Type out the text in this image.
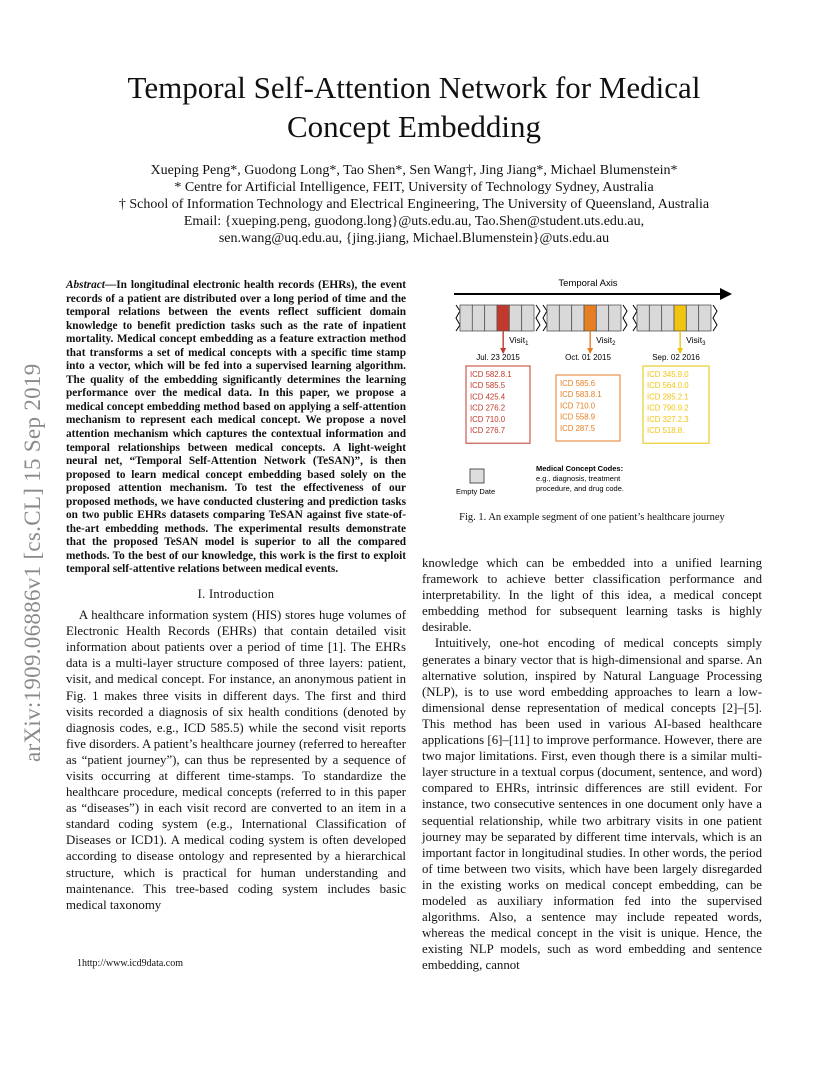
Temporal Self-Attention Network for Medical
Concept Embedding
Xueping Peng*, Guodong Long*, Tao Shen*, Sen Wang†, Jing Jiang*, Michael Blumenstein*
* Centre for Artificial Intelligence, FEIT, University of Technology Sydney, Australia
† School of Information Technology and Electrical Engineering, The University of Queensland, Australia
Email: {xueping.peng, guodong.long}@uts.edu.au, Tao.Shen@student.uts.edu.au,
sen.wang@uq.edu.au, {jing.jiang, Michael.Blumenstein}@uts.edu.au
arXiv:1909.06886v1 [cs.CL] 15 Sep 2019

Abstract—In longitudinal electronic health records (EHRs), the event records of a patient are distributed over a long period of time and the temporal relations between the events reflect sufficient domain knowledge to benefit prediction tasks such as the rate of inpatient mortality. Medical concept embedding as a feature extraction method that transforms a set of medical concepts with a specific time stamp into a vector, which will be fed into a supervised learning algorithm. The quality of the embedding significantly determines the learning performance over the medical data. In this paper, we propose a medical concept embedding method based on applying a self-attention mechanism to represent each medical concept. We propose a novel attention mechanism which captures the contextual information and temporal relationships between medical concepts. A light-weight neural net, “Temporal Self-Attention Network (TeSAN)”, is then proposed to learn medical concept embedding based solely on the proposed attention mechanism. To test the effectiveness of our proposed methods, we have conducted clustering and prediction tasks on two public EHRs datasets comparing TeSAN against five state-of-the-art embedding methods. The experimental results demonstrate that the proposed TeSAN model is superior to all the compared methods. To the best of our knowledge, this work is the first to exploit temporal self-attentive relations between medical events.

I. Introduction

A healthcare information system (HIS) stores huge volumes of Electronic Health Records (EHRs) that contain detailed visit information about patients over a period of time [1]. The EHRs data is a multi-layer structure composed of three layers: patient, visit, and medical concept. For instance, an anonymous patient in Fig. 1 makes three visits in different days. The first and third visits recorded a diagnosis of six health conditions (denoted by diagnosis codes, e.g., ICD 585.5) while the second visit reports five disorders. A patient’s healthcare journey (referred to hereafter as “patient journey”), can thus be represented by a sequence of visits occurring at different time-stamps. To standardize the healthcare procedure, medical concepts (referred to in this paper as “diseases”) in each visit record are converted to an item in a standard coding system (e.g., International Classification of Diseases or ICD1). A medical coding system is often developed according to disease ontology and represented by a hierarchical structure, which is practical for human understanding and maintenance. This tree-based coding system includes basic medical taxonomy

1http://www.icd9data.com
Temporal Axis
Visit$_1$
Jul. 23 2015
ICD 582.8.1
ICD 585.5
ICD 425.4
ICD 276.2
ICD 710.0
ICD 276.7
Visit$_2$
Oct. 01 2015
ICD 585.6
ICD 583.8.1
ICD 710.0
ICD 558.9
ICD 287.5
Visit$_3$
Sep. 02 2016
ICD 345.9.0
ICD 564.0.0
ICD 285.2.1
ICD 790.9.2
ICD 327.2.3
ICD 518.8.
Empty Date
Medical Concept Codes:
e.g., diagnosis, treatment
procedure, and drug code.
Fig. 1. An example segment of one patient’s healthcare journey

knowledge which can be embedded into a unified learning framework to achieve better classification performance and interpretability. In the light of this idea, a medical concept embedding method for subsequent learning tasks is highly desirable.

Intuitively, one-hot encoding of medical concepts simply generates a binary vector that is high-dimensional and sparse. An alternative solution, inspired by Natural Language Processing (NLP), is to use word embedding approaches to learn a low-dimensional dense representation of medical concepts [2]–[5]. This method has been used in various AI-based healthcare applications [6]–[11] to improve performance. However, there are two major limitations. First, even though there is a similar multi-layer structure in a textual corpus (document, sentence, and word) compared to EHRs, intrinsic differences are still evident. For instance, two consecutive sentences in one document only have a sequential relationship, while two arbitrary visits in one patient journey may be separated by different time intervals, which is an important factor in longitudinal studies. In other words, the period of time between two visits, which have been largely disregarded in the existing works on medical concept embedding, can be modeled as auxiliary information fed into the supervised algorithms. Also, a sentence may include repeated words, whereas the medical concept in the visit is unique. Hence, the existing NLP models, such as word embedding and sentence embedding, cannot
